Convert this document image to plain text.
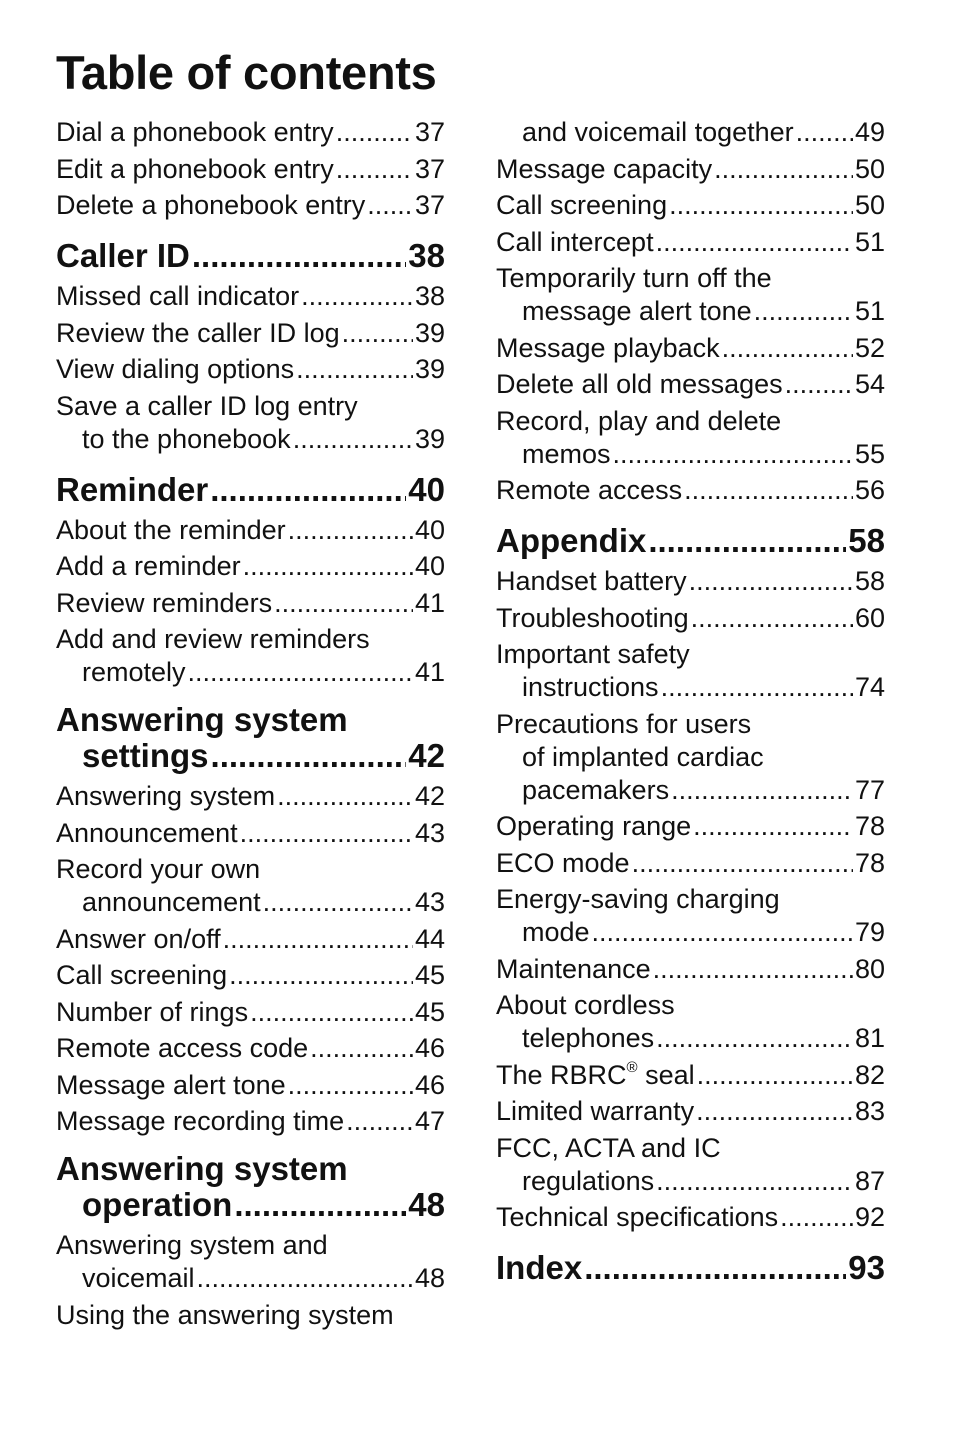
Table of contents
Dial a phonebook entry .....	37
Edit a phonebook entry .....	37
Delete a phonebook entry ..... 37
Caller ID .....	38
Missed call indicator .....	38
Review the caller ID log .....	39
View dialing options .....	39
Save a caller ID log entry
to the phonebook .....	39
Reminder .....	40
About the reminder .....	40
Add a reminder .....	40
Review reminders .....	41
Add and review reminders
remotely .....	41
Answering system
settings .....	42
Answering system .....	42
Announcement .....	43
Record your own
announcement .....	43
Answer on/off .....	44
Call screening .....	45
Number of rings .....	45
Remote access code .....	46
Message alert tone .....	46
Message recording time .....	47
Answering system
operation .....	48
Answering system and
voicemail .....	48
Using the answering system
and voicemail together ..... 49
Message capacity .....	50
Call screening .....	50
Call intercept .....	51
Temporarily turn off the
message alert tone .....	51
Message playback .....	52
Delete all old messages .....	54
Record, play and delete
memos .....	55
Remote access .....	56
Appendix .....	58
Handset battery .....	58
Troubleshooting .....	60
Important safety
instructions .....	74
Precautions for users
of implanted cardiac
pacemakers .....	77
Operating range .....	78
ECO mode .....	78
Energy-saving charging
mode .....	79
Maintenance .....	80
About cordless
telephones .....	81
The RBRC® seal .....	82
Limited warranty .....	83
FCC, ACTA and IC
regulations .....	87
Technical specifications .....	92
Index .....	93
